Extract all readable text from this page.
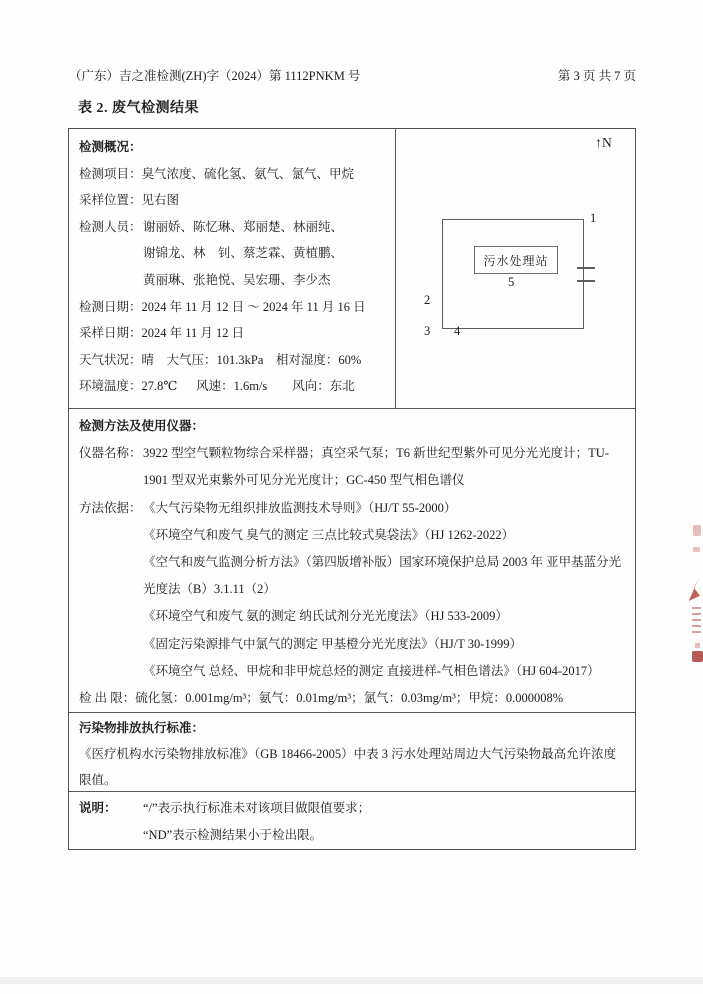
（广东）吉之准检测(ZH)字（2024）第 1112PNKM 号	第 3 页 共 7 页
表 2. 废气检测结果
检测概况：
检测项目：臭气浓度、硫化氢、氨气、氯气、甲烷
采样位置：见右图
检测人员： 谢丽娇、陈忆琳、郑丽楚、林丽纯、
谢锦龙、林　钊、蔡芝霖、黄植鹏、
黄丽琳、张艳悦、吴宏珊、李少杰
检测日期：2024 年 11 月 12 日 ～ 2024 年 11 月 16 日
采样日期：2024 年 11 月 12 日
天气状况：晴    大气压：101.3kPa    相对湿度：60%
环境温度：27.8℃      风速：1.6m/s        风向：东北
↑N
污水处理站
1
2
3 4
5
检测方法及使用仪器：
仪器名称： 3922 型空气颗粒物综合采样器；真空采气泵；T6 新世纪型紫外可见分光光度计；TU-1901 型双光束紫外可见分光光度计；GC-450 型气相色谱仪
方法依据： 《大气污染物无组织排放监测技术导则》（HJ/T 55-2000）
《环境空气和废气 臭气的测定 三点比较式臭袋法》（HJ 1262-2022）
《空气和废气监测分析方法》（第四版增补版）国家环境保护总局 2003 年 亚甲基蓝分光光度法（B）3.1.11（2）
《环境空气和废气 氨的测定 纳氏试剂分光光度法》（HJ 533-2009）
《固定污染源排气中氯气的测定 甲基橙分光光度法》（HJ/T 30-1999）
《环境空气 总烃、甲烷和非甲烷总烃的测定 直接进样-气相色谱法》（HJ 604-2017）
检 出 限：硫化氢：0.001mg/m³；氨气：0.01mg/m³；氯气：0.03mg/m³；甲烷：0.000008%
污染物排放执行标准：
《医疗机构水污染物排放标准》（GB 18466-2005）中表 3 污水处理站周边大气污染物最高允许浓度限值。
说明：	“/”表示执行标准未对该项目做限值要求；
“ND”表示检测结果小于检出限。
